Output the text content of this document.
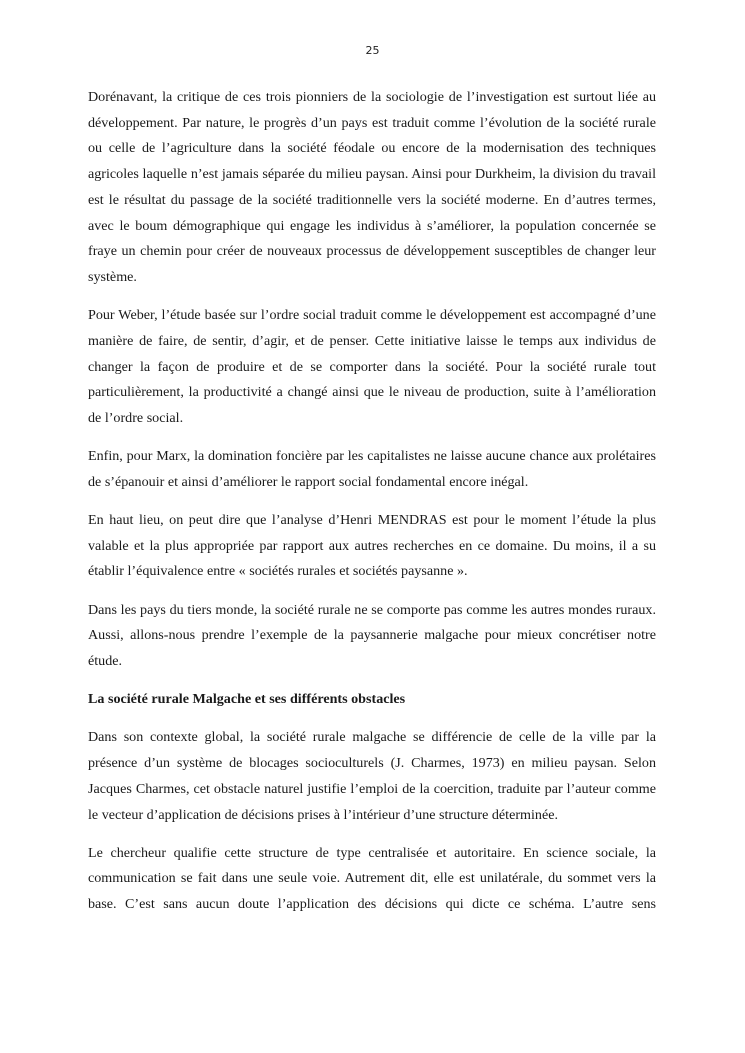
25

Dorénavant, la critique de ces trois pionniers de la sociologie de l’investigation est surtout liée au développement. Par nature, le progrès d’un pays est traduit comme l’évolution de la société rurale ou celle de l’agriculture dans la société féodale ou encore de la modernisation des techniques agricoles laquelle n’est jamais séparée du milieu paysan. Ainsi pour Durkheim, la division du travail est le résultat du passage de la société traditionnelle vers la société moderne. En d’autres termes, avec le boum démographique qui engage les individus à s’améliorer, la population concernée se fraye un chemin pour créer de nouveaux processus de développement susceptibles de changer leur système.

Pour Weber, l’étude basée sur l’ordre social traduit comme le développement est accompagné d’une manière de faire, de sentir, d’agir, et de penser. Cette initiative laisse le temps aux individus de changer la façon de produire et de se comporter dans la société. Pour la société rurale tout particulièrement, la productivité a changé ainsi que le niveau de production, suite à l’amélioration de l’ordre social.

Enfin, pour Marx, la domination foncière par les capitalistes ne laisse aucune chance aux prolétaires de s’épanouir et ainsi d’améliorer le rapport social fondamental encore inégal.

En haut lieu, on peut dire que l’analyse d’Henri MENDRAS est pour le moment l’étude la plus valable et la plus appropriée par rapport aux autres recherches en ce domaine. Du moins, il a su établir l’équivalence entre « sociétés rurales et sociétés paysanne ».

Dans les pays du tiers monde, la société rurale ne se comporte pas comme les autres mondes ruraux. Aussi, allons-nous prendre l’exemple de la paysannerie malgache pour mieux concrétiser notre étude.

La société rurale Malgache et ses différents obstacles

Dans son contexte global, la société rurale malgache se différencie de celle de la ville par la présence d’un système de blocages socioculturels (J. Charmes, 1973) en milieu paysan. Selon Jacques Charmes, cet obstacle naturel justifie l’emploi de la coercition, traduite par l’auteur comme le vecteur d’application de décisions prises à l’intérieur d’une structure déterminée.

Le chercheur qualifie cette structure de type centralisée et autoritaire. En science sociale, la communication se fait dans une seule voie. Autrement dit, elle est unilatérale, du sommet vers la base. C’est sans aucun doute l’application des décisions qui dicte ce schéma. L’autre sens
